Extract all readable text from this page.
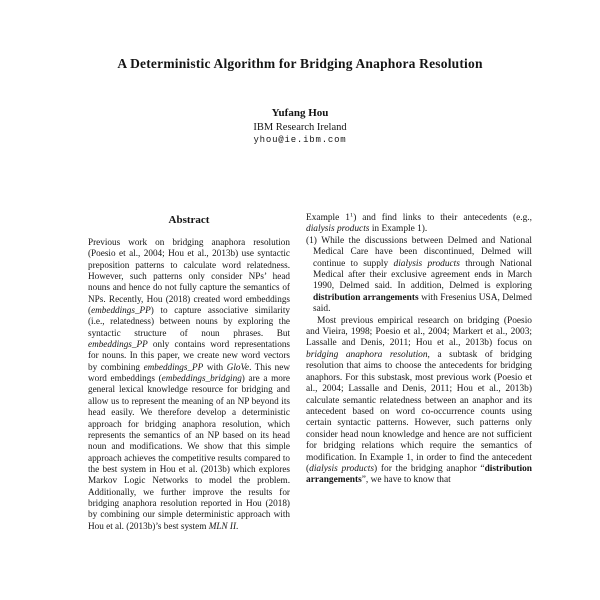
A Deterministic Algorithm for Bridging Anaphora Resolution
Yufang Hou
IBM Research Ireland
yhou@ie.ibm.com
Abstract
Previous work on bridging anaphora resolution (Poesio et al., 2004; Hou et al., 2013b) use syntactic preposition patterns to calculate word relatedness. However, such patterns only consider NPs’ head nouns and hence do not fully capture the semantics of NPs. Recently, Hou (2018) created word embeddings (embeddings_PP) to capture associative similarity (i.e., relatedness) between nouns by exploring the syntactic structure of noun phrases. But embeddings_PP only contains word representations for nouns. In this paper, we create new word vectors by combining embeddings_PP with GloVe. This new word embeddings (embeddings_bridging) are a more general lexical knowledge resource for bridging and allow us to represent the meaning of an NP beyond its head easily. We therefore develop a deterministic approach for bridging anaphora resolution, which represents the semantics of an NP based on its head noun and modifications. We show that this simple approach achieves the competitive results compared to the best system in Hou et al. (2013b) which explores Markov Logic Networks to model the problem. Additionally, we further improve the results for bridging anaphora resolution reported in Hou (2018) by combining our simple deterministic approach with Hou et al. (2013b)’s best system MLN II.

Example $1^1$) and find links to their antecedents (e.g., dialysis products in Example 1).

(1) While the discussions between Delmed and National Medical Care have been discontinued, Delmed will continue to supply dialysis products through National Medical after their exclusive agreement ends in March 1990, Delmed said. In addition, Delmed is exploring distribution arrangements with Fresenius USA, Delmed said.

Most previous empirical research on bridging (Poesio and Vieira, 1998; Poesio et al., 2004; Markert et al., 2003; Lassalle and Denis, 2011; Hou et al., 2013b) focus on bridging anaphora resolution, a subtask of bridging resolution that aims to choose the antecedents for bridging anaphors. For this substask, most previous work (Poesio et al., 2004; Lassalle and Denis, 2011; Hou et al., 2013b) calculate semantic relatedness between an anaphor and its antecedent based on word co-occurrence counts using certain syntactic patterns. However, such patterns only consider head noun knowledge and hence are not sufficient for bridging relations which require the semantics of modification. In Example 1, in order to find the antecedent (dialysis products) for the bridging anaphor “distribution arrangements”, we have to know that
